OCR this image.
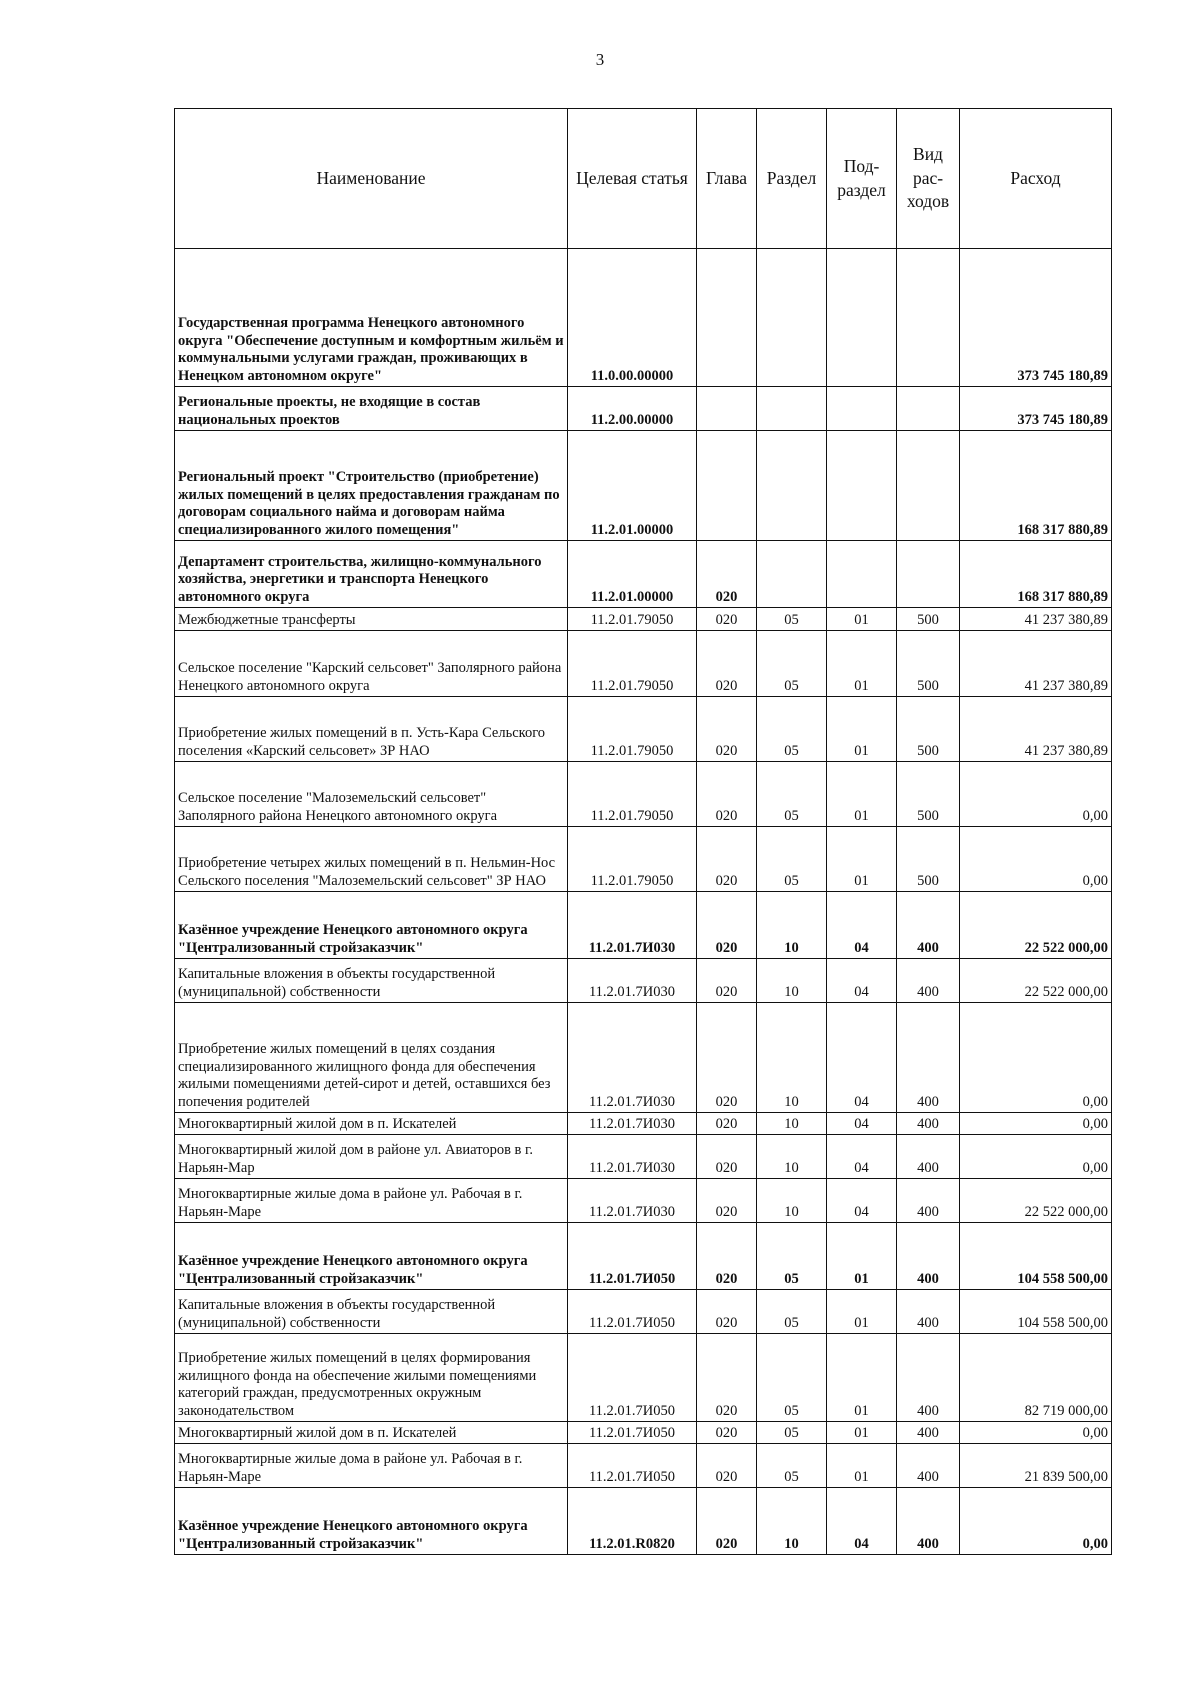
3
Наименование	Целевая статья	Глава	Раздел	Под-раздел	Вид рас-ходов	Расход
Государственная программа Ненецкого автономного округа "Обеспечение доступным и комфортным жильём и коммунальными услугами граждан, проживающих в Ненецком автономном округе"	11.0.00.00000					373 745 180,89
Региональные проекты, не входящие в состав национальных проектов	11.2.00.00000					373 745 180,89
Региональный проект "Строительство (приобретение) жилых помещений в целях предоставления гражданам по договорам социального найма и договорам найма специализированного жилого помещения"	11.2.01.00000					168 317 880,89
Департамент строительства, жилищно-коммунального хозяйства, энергетики и транспорта Ненецкого автономного округа	11.2.01.00000	020				168 317 880,89
Межбюджетные трансферты	11.2.01.79050	020	05	01	500	41 237 380,89
Сельское поселение "Карский сельсовет" Заполярного района Ненецкого автономного округа	11.2.01.79050	020	05	01	500	41 237 380,89
Приобретение жилых помещений в п. Усть-Кара Сельского поселения «Карский сельсовет» ЗР НАО	11.2.01.79050	020	05	01	500	41 237 380,89
Сельское поселение "Малоземельский сельсовет" Заполярного района Ненецкого автономного округа	11.2.01.79050	020	05	01	500	0,00
Приобретение четырех жилых помещений в п. Нельмин-Нос Сельского поселения "Малоземельский сельсовет" ЗР НАО	11.2.01.79050	020	05	01	500	0,00
Казённое учреждение Ненецкого автономного округа "Централизованный стройзаказчик"	11.2.01.7И030	020	10	04	400	22 522 000,00
Капитальные вложения в объекты государственной (муниципальной) собственности	11.2.01.7И030	020	10	04	400	22 522 000,00
Приобретение жилых помещений в целях создания специализированного жилищного фонда для обеспечения жилыми помещениями детей-сирот и детей, оставшихся без попечения родителей	11.2.01.7И030	020	10	04	400	0,00
Многоквартирный жилой дом в п. Искателей	11.2.01.7И030	020	10	04	400	0,00
Многоквартирный жилой дом в районе ул. Авиаторов в г. Нарьян-Мар	11.2.01.7И030	020	10	04	400	0,00
Многоквартирные жилые дома в районе ул. Рабочая в г. Нарьян-Маре	11.2.01.7И030	020	10	04	400	22 522 000,00
Казённое учреждение Ненецкого автономного округа "Централизованный стройзаказчик"	11.2.01.7И050	020	05	01	400	104 558 500,00
Капитальные вложения в объекты государственной (муниципальной) собственности	11.2.01.7И050	020	05	01	400	104 558 500,00
Приобретение жилых помещений в целях формирования жилищного фонда на обеспечение жилыми помещениями категорий граждан, предусмотренных окружным законодательством	11.2.01.7И050	020	05	01	400	82 719 000,00
Многоквартирный жилой дом в п. Искателей	11.2.01.7И050	020	05	01	400	0,00
Многоквартирные жилые дома в районе ул. Рабочая в г. Нарьян-Маре	11.2.01.7И050	020	05	01	400	21 839 500,00
Казённое учреждение Ненецкого автономного округа "Централизованный стройзаказчик"	11.2.01.R0820	020	10	04	400	0,00
